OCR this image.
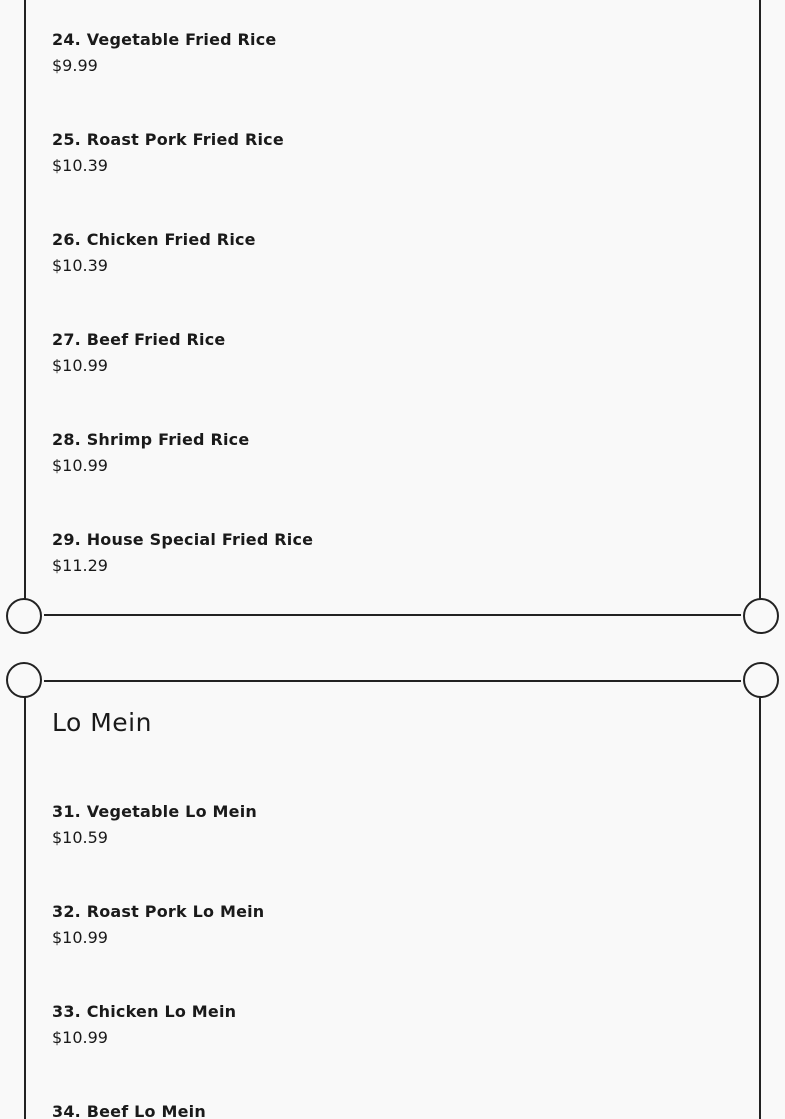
24. Vegetable Fried Rice
$9.99
25. Roast Pork Fried Rice
$10.39
26. Chicken Fried Rice
$10.39
27. Beef Fried Rice
$10.99
28. Shrimp Fried Rice
$10.99
29. House Special Fried Rice
$11.29
Lo Mein
31. Vegetable Lo Mein
$10.59
32. Roast Pork Lo Mein
$10.99
33. Chicken Lo Mein
$10.99
34. Beef Lo Mein
